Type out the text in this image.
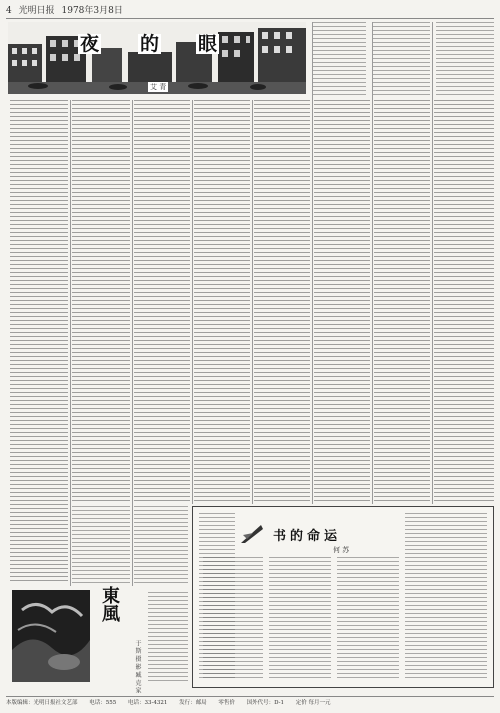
4 光明日报 1978年3月8日
夜 的 眼
艾 青
书的命运
何 苏
東風
于 斯 摄 影 臧 克 家
本版编辑：光明日报社文艺部 电话：555 电话：33-4321 发行：邮局 零售价 国外代号：D-1 定价 每月一元
